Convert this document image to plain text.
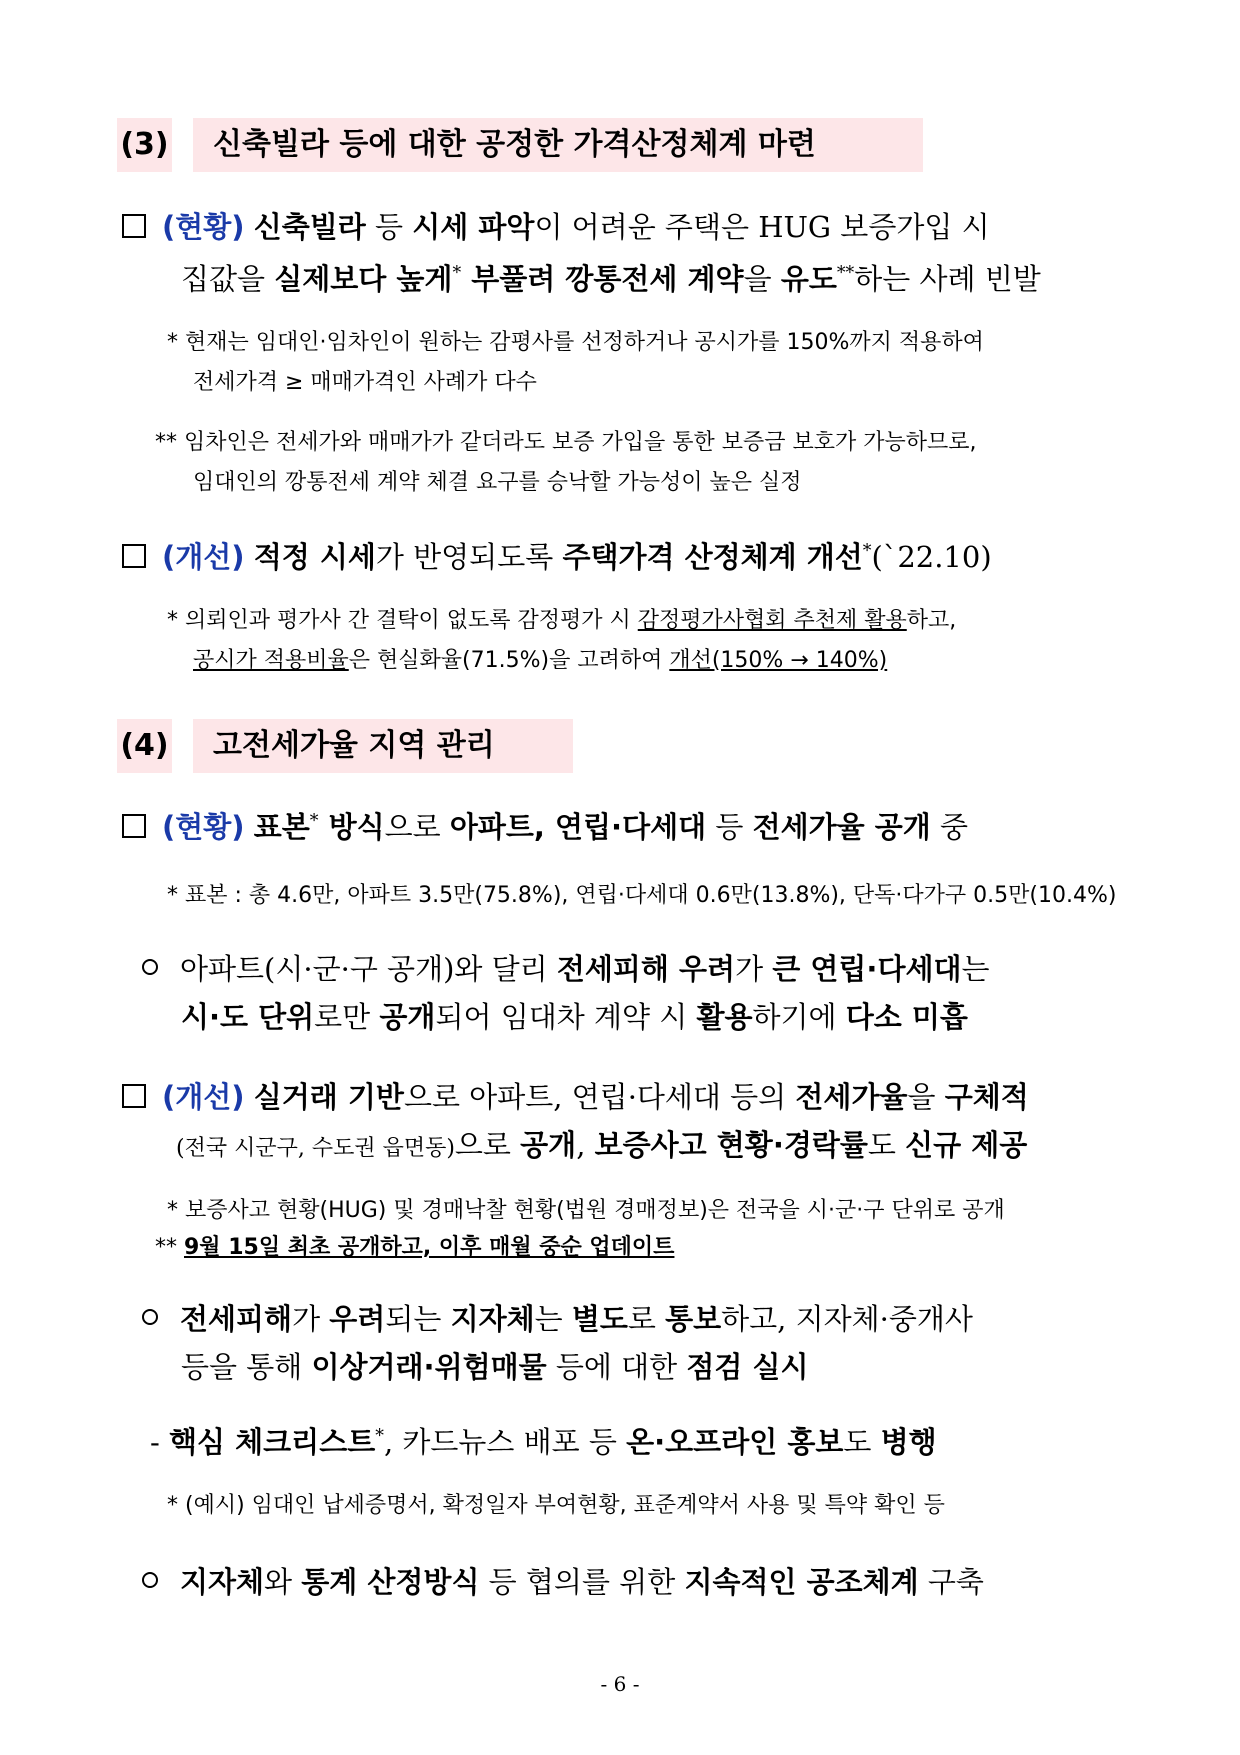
(3)	신축빌라 등에 대한 공정한 가격산정체계 마련
(현황) 신축빌라 등 시세 파악이 어려운 주택은 HUG 보증가입 시
집값을 실제보다 높게* 부풀려 깡통전세 계약을 유도**하는 사례 빈발
* 현재는 임대인·임차인이 원하는 감평사를 선정하거나 공시가를 150%까지 적용하여
전세가격 ≥ 매매가격인 사례가 다수
** 임차인은 전세가와 매매가가 같더라도 보증 가입을 통한 보증금 보호가 가능하므로,
임대인의 깡통전세 계약 체결 요구를 승낙할 가능성이 높은 실정
(개선) 적정 시세가 반영되도록 주택가격 산정체계 개선*(`22.10)
* 의뢰인과 평가사 간 결탁이 없도록 감정평가 시 감정평가사협회 추천제 활용하고,
공시가 적용비율은 현실화율(71.5%)을 고려하여 개선(150% → 140%)
(4)	고전세가율 지역 관리
(현황) 표본* 방식으로 아파트, 연립·다세대 등 전세가율 공개 중
* 표본 : 총 4.6만, 아파트 3.5만(75.8%), 연립·다세대 0.6만(13.8%), 단독·다가구 0.5만(10.4%)
아파트(시·군·구 공개)와 달리 전세피해 우려가 큰 연립·다세대는
시·도 단위로만 공개되어 임대차 계약 시 활용하기에 다소 미흡
(개선) 실거래 기반으로 아파트, 연립·다세대 등의 전세가율을 구체적
(전국 시군구, 수도권 읍면동)으로 공개, 보증사고 현황·경락률도 신규 제공
* 보증사고 현황(HUG) 및 경매낙찰 현황(법원 경매정보)은 전국을 시·군·구 단위로 공개
** 9월 15일 최초 공개하고, 이후 매월 중순 업데이트
전세피해가 우려되는 지자체는 별도로 통보하고, 지자체·중개사
등을 통해 이상거래·위험매물 등에 대한 점검 실시
- 핵심 체크리스트*, 카드뉴스 배포 등 온·오프라인 홍보도 병행
* (예시) 임대인 납세증명서, 확정일자 부여현황, 표준계약서 사용 및 특약 확인 등
지자체와 통계 산정방식 등 협의를 위한 지속적인 공조체계 구축
- 6 -
